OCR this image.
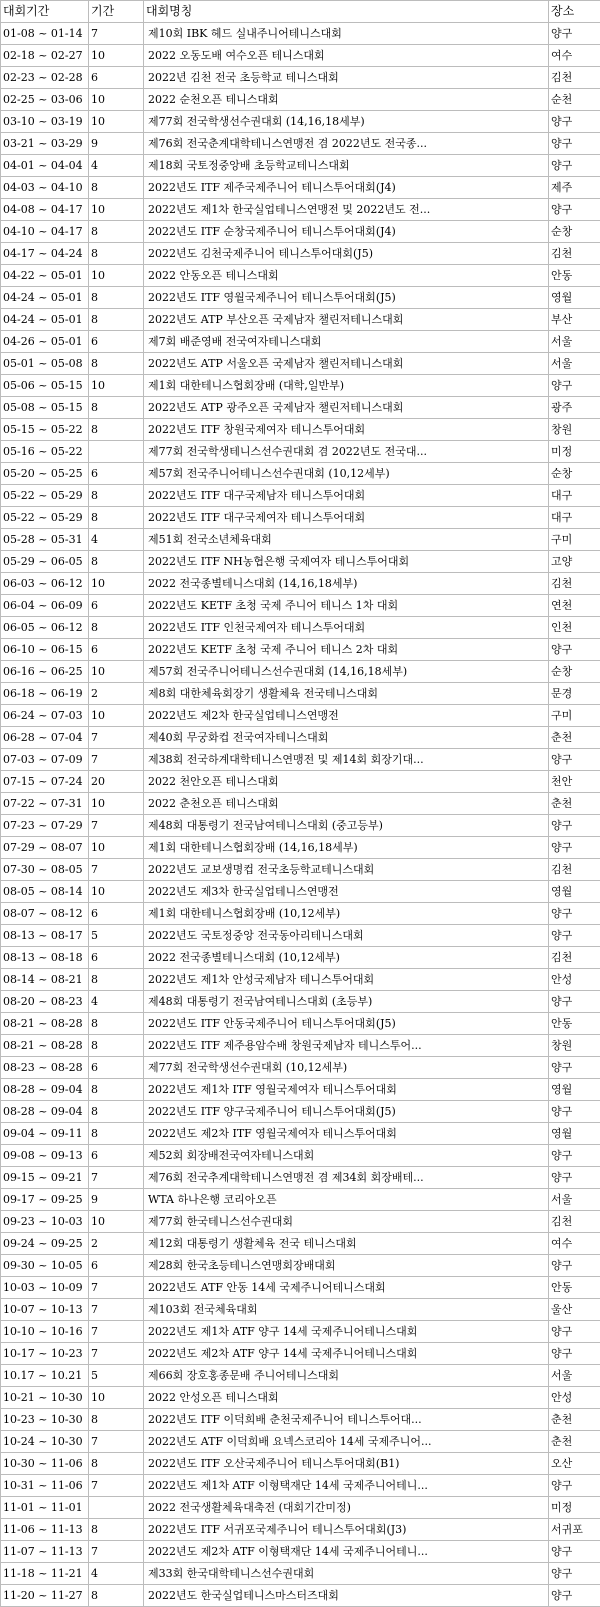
대회기간	기간	대회명칭	장소
01-08 ~ 01-14	7	제10회 IBK 헤드 실내주니어테니스대회	양구
02-18 ~ 02-27	10	2022 오동도배 여수오픈 테니스대회	여수
02-23 ~ 02-28	6	2022년 김천 전국 초등학교 테니스대회	김천
02-25 ~ 03-06	10	2022 순천오픈 테니스대회	순천
03-10 ~ 03-19	10	제77회 전국학생선수권대회 (14,16,18세부)	양구
03-21 ~ 03-29	9	제76회 전국춘계대학테니스연맹전 겸 2022년도 전국종...	양구
04-01 ~ 04-04	4	제18회 국토정중앙배 초등학교테니스대회	양구
04-03 ~ 04-10	8	2022년도 ITF 제주국제주니어 테니스투어대회(J4)	제주
04-08 ~ 04-17	10	2022년도 제1차 한국실업테니스연맹전 및 2022년도 전...	양구
04-10 ~ 04-17	8	2022년도 ITF 순창국제주니어 테니스투어대회(J4)	순창
04-17 ~ 04-24	8	2022년도 김천국제주니어 테니스투어대회(J5)	김천
04-22 ~ 05-01	10	2022 안동오픈 테니스대회	안동
04-24 ~ 05-01	8	2022년도 ITF 영월국제주니어 테니스투어대회(J5)	영월
04-24 ~ 05-01	8	2022년도 ATP 부산오픈 국제남자 챌린저테니스대회	부산
04-26 ~ 05-01	6	제7회 배준영배 전국여자테니스대회	서울
05-01 ~ 05-08	8	2022년도 ATP 서울오픈 국제남자 챌린저테니스대회	서울
05-06 ~ 05-15	10	제1회 대한테니스협회장배 (대학,일반부)	양구
05-08 ~ 05-15	8	2022년도 ATP 광주오픈 국제남자 챌린저테니스대회	광주
05-15 ~ 05-22	8	2022년도 ITF 창원국제여자 테니스투어대회	창원
05-16 ~ 05-22		제77회 전국학생테니스선수권대회 겸 2022년도 전국대...	미정
05-20 ~ 05-25	6	제57회 전국주니어테니스선수권대회 (10,12세부)	순창
05-22 ~ 05-29	8	2022년도 ITF 대구국제남자 테니스투어대회	대구
05-22 ~ 05-29	8	2022년도 ITF 대구국제여자 테니스투어대회	대구
05-28 ~ 05-31	4	제51회 전국소년체육대회	구미
05-29 ~ 06-05	8	2022년도 ITF NH농협은행 국제여자 테니스투어대회	고양
06-03 ~ 06-12	10	2022 전국종별테니스대회 (14,16,18세부)	김천
06-04 ~ 06-09	6	2022년도 KETF 초청 국제 주니어 테니스 1차 대회	연천
06-05 ~ 06-12	8	2022년도 ITF 인천국제여자 테니스투어대회	인천
06-10 ~ 06-15	6	2022년도 KETF 초청 국제 주니어 테니스 2차 대회	양구
06-16 ~ 06-25	10	제57회 전국주니어테니스선수권대회 (14,16,18세부)	순창
06-18 ~ 06-19	2	제8회 대한체육회장기 생활체육 전국테니스대회	문경
06-24 ~ 07-03	10	2022년도 제2차 한국실업테니스연맹전	구미
06-28 ~ 07-04	7	제40회 무궁화컵 전국여자테니스대회	춘천
07-03 ~ 07-09	7	제38회 전국하계대학테니스연맹전 및 제14회 회장기대...	양구
07-15 ~ 07-24	20	2022 천안오픈 테니스대회	천안
07-22 ~ 07-31	10	2022 춘천오픈 테니스대회	춘천
07-23 ~ 07-29	7	제48회 대통령기 전국남여테니스대회 (중고등부)	양구
07-29 ~ 08-07	10	제1회 대한테니스협회장배 (14,16,18세부)	양구
07-30 ~ 08-05	7	2022년도 교보생명컵 전국초등학교테니스대회	김천
08-05 ~ 08-14	10	2022년도 제3차 한국실업테니스연맹전	영월
08-07 ~ 08-12	6	제1회 대한테니스협회장배 (10,12세부)	양구
08-13 ~ 08-17	5	2022년도 국토정중앙 전국동아리테니스대회	양구
08-13 ~ 08-18	6	2022 전국종별테니스대회 (10,12세부)	김천
08-14 ~ 08-21	8	2022년도 제1차 안성국제남자 테니스투어대회	안성
08-20 ~ 08-23	4	제48회 대통령기 전국남여테니스대회 (초등부)	양구
08-21 ~ 08-28	8	2022년도 ITF 안동국제주니어 테니스투어대회(J5)	안동
08-21 ~ 08-28	8	2022년도 ITF 제주용암수배 창원국제남자 테니스투어...	창원
08-23 ~ 08-28	6	제77회 전국학생선수권대회 (10,12세부)	양구
08-28 ~ 09-04	8	2022년도 제1차 ITF 영월국제여자 테니스투어대회	영월
08-28 ~ 09-04	8	2022년도 ITF 양구국제주니어 테니스투어대회(J5)	양구
09-04 ~ 09-11	8	2022년도 제2차 ITF 영월국제여자 테니스투어대회	영월
09-08 ~ 09-13	6	제52회 회장배전국여자테니스대회	양구
09-15 ~ 09-21	7	제76회 전국추계대학테니스연맹전 겸 제34회 회장배테...	양구
09-17 ~ 09-25	9	WTA 하나은행 코리아오픈	서울
09-23 ~ 10-03	10	제77회 한국테니스선수권대회	김천
09-24 ~ 09-25	2	제12회 대통령기 생활체육 전국 테니스대회	여수
09-30 ~ 10-05	6	제28회 한국초등테니스연맹회장배대회	양구
10-03 ~ 10-09	7	2022년도 ATF 안동 14세 국제주니어테니스대회	안동
10-07 ~ 10-13	7	제103회 전국체육대회	울산
10-10 ~ 10-16	7	2022년도 제1차 ATF 양구 14세 국제주니어테니스대회	양구
10-17 ~ 10-23	7	2022년도 제2차 ATF 양구 14세 국제주니어테니스대회	양구
10.17 ~ 10.21	5	제66회 장호홍종문배 주니어테니스대회	서울
10-21 ~ 10-30	10	2022 안성오픈 테니스대회	안성
10-23 ~ 10-30	8	2022년도 ITF 이덕희배 춘천국제주니어 테니스투어대...	춘천
10-24 ~ 10-30	7	2022년도 ATF 이덕희배 요넥스코리아 14세 국제주니어...	춘천
10-30 ~ 11-06	8	2022년도 ITF 오산국제주니어 테니스투어대회(B1)	오산
10-31 ~ 11-06	7	2022년도 제1차 ATF 이형택재단 14세 국제주니어테니...	양구
11-01 ~ 11-01		2022 전국생활체육대축전 (대회기간미정)	미정
11-06 ~ 11-13	8	2022년도 ITF 서귀포국제주니어 테니스투어대회(J3)	서귀포
11-07 ~ 11-13	7	2022년도 제2차 ATF 이형택재단 14세 국제주니어테니...	양구
11-18 ~ 11-21	4	제33회 한국대학테니스선수권대회	양구
11-20 ~ 11-27	8	2022년도 한국실업테니스마스터즈대회	양구
